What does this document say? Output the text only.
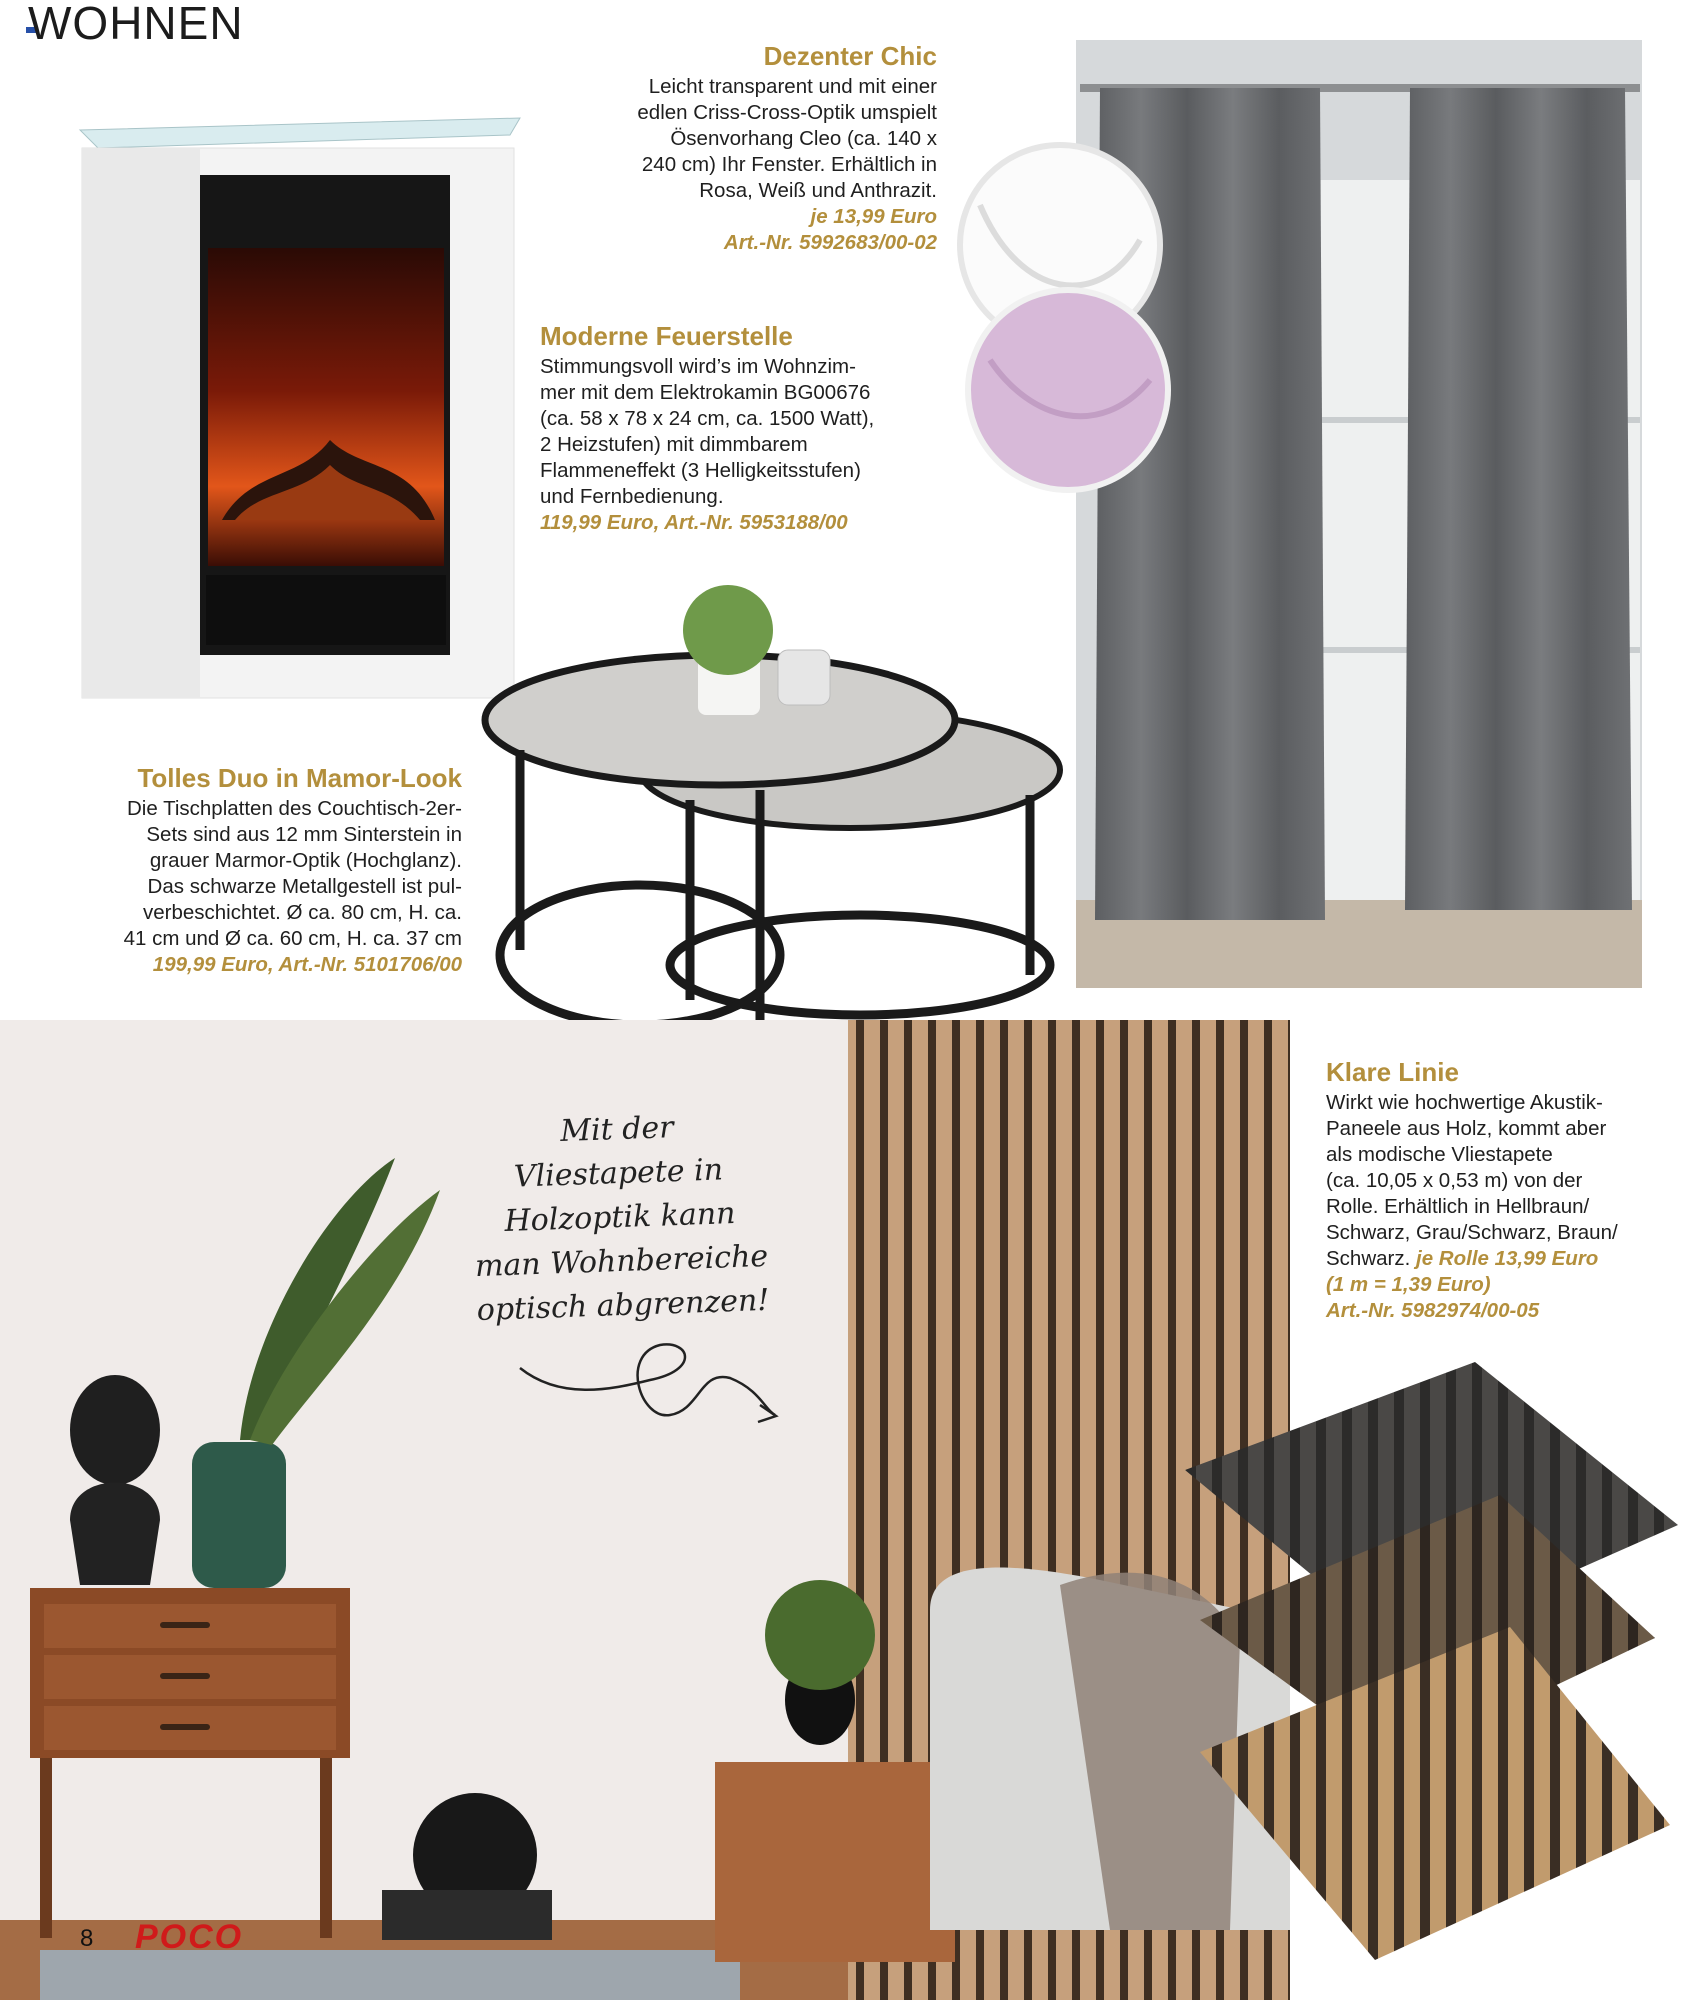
WOHNEN
Dezenter Chic

Leicht transparent und mit einer

edlen Criss-Cross-Optik umspielt

Ösenvorhang Cleo (ca. 140 x

240 cm) Ihr Fenster. Erhältlich in

Rosa, Weiß und Anthrazit.

je 13,99 Euro

Art.-Nr. 5992683/00-02

Moderne Feuerstelle

Stimmungsvoll wird’s im Wohnzim-

mer mit dem Elektrokamin BG00676

(ca. 58 x 78 x 24 cm, ca. 1500 Watt),

2 Heizstufen) mit dimmbarem

Flammeneffekt (3 Helligkeitsstufen)

und Fernbedienung.

119,99 Euro, Art.-Nr. 5953188/00

Tolles Duo in Mamor-Look

Die Tischplatten des Couchtisch-2er-

Sets sind aus 12 mm Sinterstein in

grauer Marmor-Optik (Hochglanz).

Das schwarze Metallgestell ist pul-

verbeschichtet. Ø ca. 80 cm, H. ca.

41 cm und Ø ca. 60 cm, H. ca. 37 cm

199,99 Euro, Art.-Nr. 5101706/00

Klare Linie

Wirkt wie hochwertige Akustik-

Paneele aus Holz, kommt aber

als modische Vliestapete

(ca. 10,05 x 0,53 m) von der

Rolle. Erhältlich in Hellbraun/

Schwarz, Grau/Schwarz, Braun/

Schwarz. je Rolle 13,99 Euro

(1 m = 1,39 Euro)

Art.-Nr. 5982974/00-05

Mit der
Vliestapete in
Holzoptik kann
man Wohnbereiche
optisch abgrenzen!
8 POCO
